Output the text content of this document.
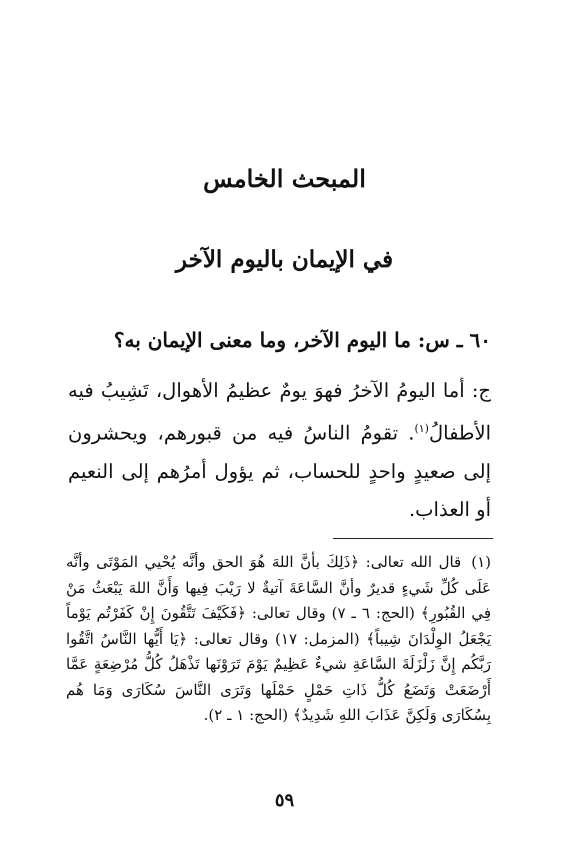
المبحث الخامس
في الإيمان باليوم الآخر

٦٠ ـ س: ما اليوم الآخر، وما معنى الإيمان به؟

ج: أما اليومُ الآخرُ فهوَ يومٌ عظيمُ الأهوال، تَشِيبُ فيه الأطفالُ$^{(١)}$. تقومُ الناسُ فيه من قبورهم، ويحشرون إلى صعيدٍ واحدٍ للحساب، ثم يؤول أمرُهم إلى النعيم أو العذاب.

(١)قال الله تعالى: ﴿ذَلِكَ بأنَّ اللهَ هُوَ الحق وأنَّه يُحْيي المَوْتَى وأنَّه عَلَى كُلِّ شَيءٍ قديرٌ وأنَّ السَّاعَةَ آتيةٌ لا رَيْبَ فِيها وَأَنَّ اللهَ يَبْعَثُ مَنْ فِي القُبُورِ﴾ (الحج: ٦ ـ ٧) وقال تعالى: ﴿فَكَيْفَ تَتَّقُونَ إِنْ كَفَرْتُم يَوْماً يَجْعَلُ الوِلْدَانَ شِيباً﴾ (المزمل: ١٧) وقال تعالى: ﴿يَا أَيُّها النَّاسُ اتَّقُوا رَبَّكُم إِنَّ زَلْزَلَةَ السَّاعَةِ شيءٌ عَظِيمٌ يَوْمَ تَرَوْنَها تَذْهَلُ كُلُّ مُرْضِعَةٍ عَمَّا أَرْضَعَتْ وَتَضَعُ كُلُّ ذَاتِ حَمْلٍ حَمْلَها وَتَرَى النَّاسَ سُكَارَى وَمَا هُم بِسُكَارَى وَلَكِنَّ عَذَابَ اللهِ شَدِيدٌ﴾ (الحج: ١ ـ ٢).

٥٩
